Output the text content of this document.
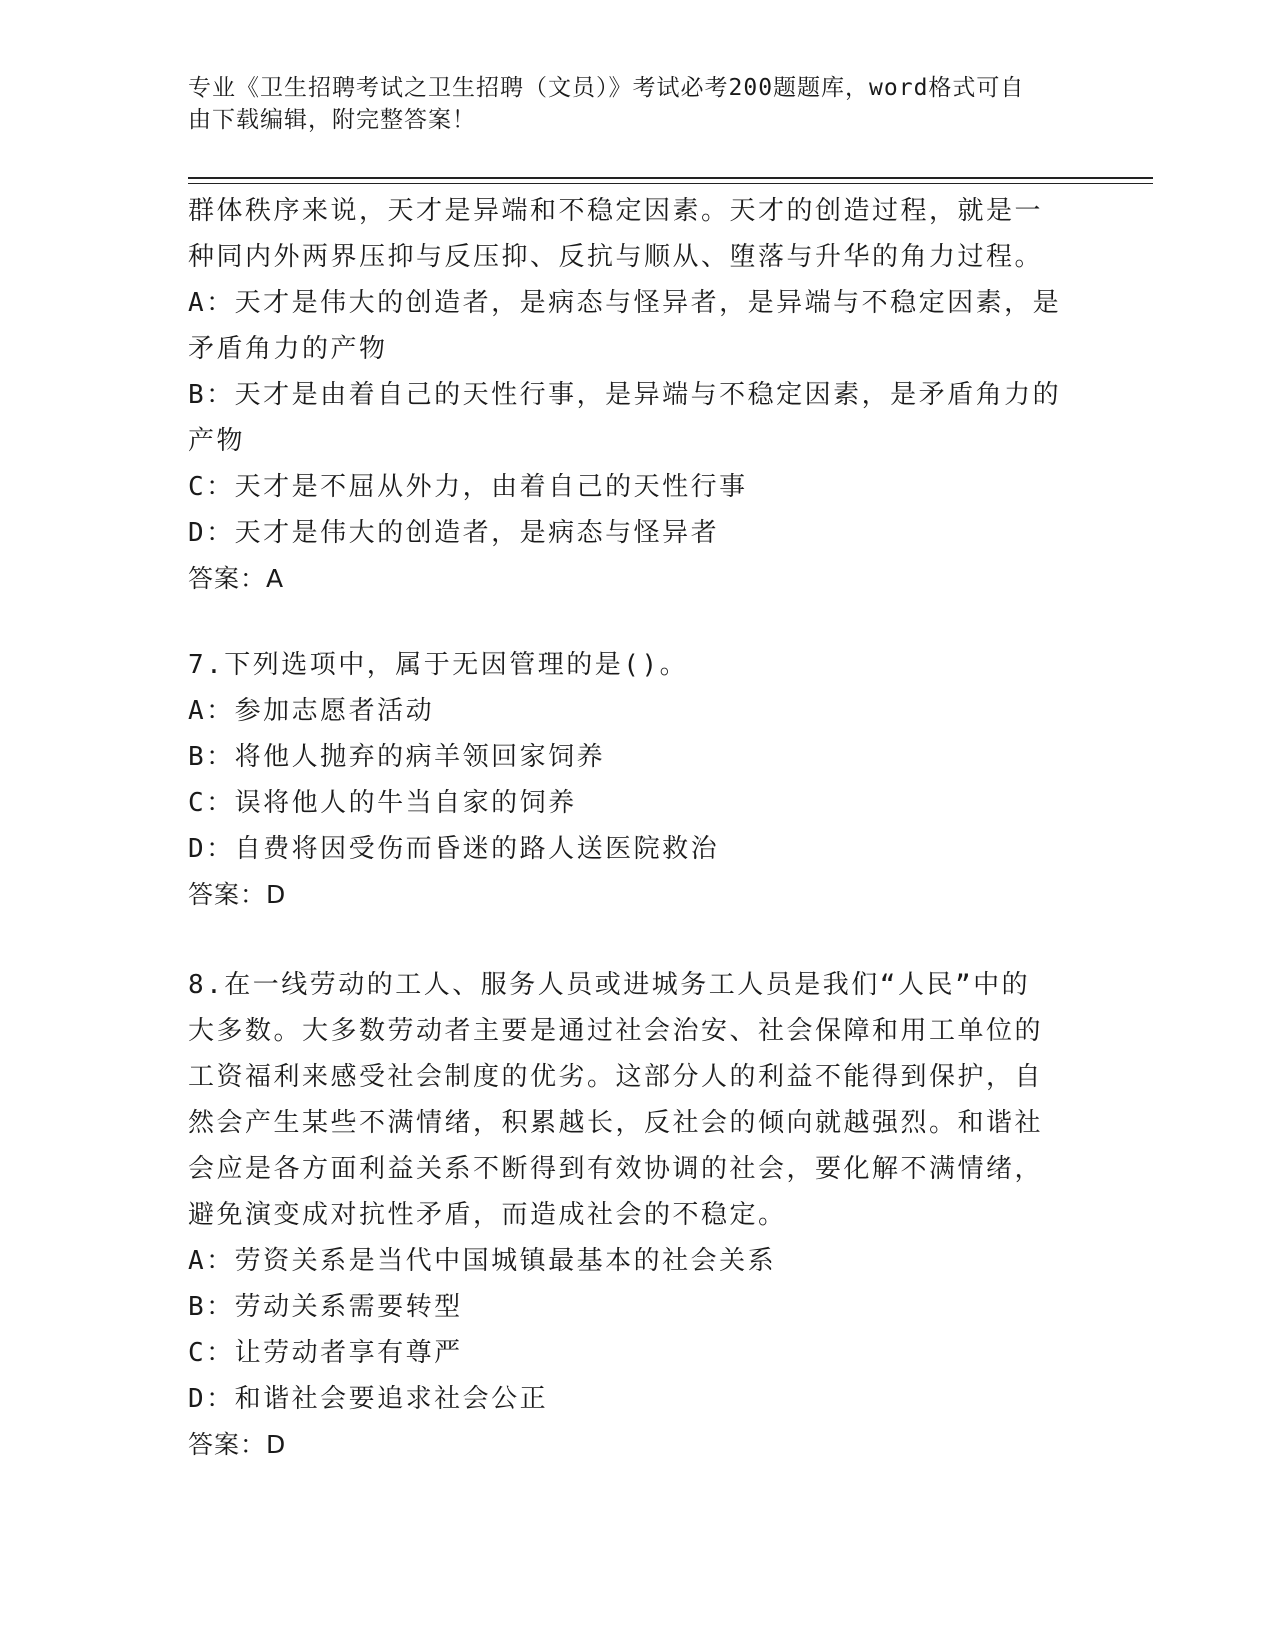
专业《卫生招聘考试之卫生招聘（文员）》考试必考200题题库，word格式可自
由下载编辑，附完整答案！
群体秩序来说，天才是异端和不稳定因素。天才的创造过程，就是一
种同内外两界压抑与反压抑、反抗与顺从、堕落与升华的角力过程。
A：天才是伟大的创造者，是病态与怪异者，是异端与不稳定因素，是
矛盾角力的产物
B：天才是由着自己的天性行事，是异端与不稳定因素，是矛盾角力的
产物
C：天才是不屈从外力，由着自己的天性行事
D：天才是伟大的创造者，是病态与怪异者
答案：A
7.下列选项中，属于无因管理的是()。
A：参加志愿者活动
B：将他人抛弃的病羊领回家饲养
C：误将他人的牛当自家的饲养
D：自费将因受伤而昏迷的路人送医院救治
答案：D
8.在一线劳动的工人、服务人员或进城务工人员是我们“人民”中的
大多数。大多数劳动者主要是通过社会治安、社会保障和用工单位的
工资福利来感受社会制度的优劣。这部分人的利益不能得到保护，自
然会产生某些不满情绪，积累越长，反社会的倾向就越强烈。和谐社
会应是各方面利益关系不断得到有效协调的社会，要化解不满情绪，
避免演变成对抗性矛盾，而造成社会的不稳定。
A：劳资关系是当代中国城镇最基本的社会关系
B：劳动关系需要转型
C：让劳动者享有尊严
D：和谐社会要追求社会公正
答案：D
